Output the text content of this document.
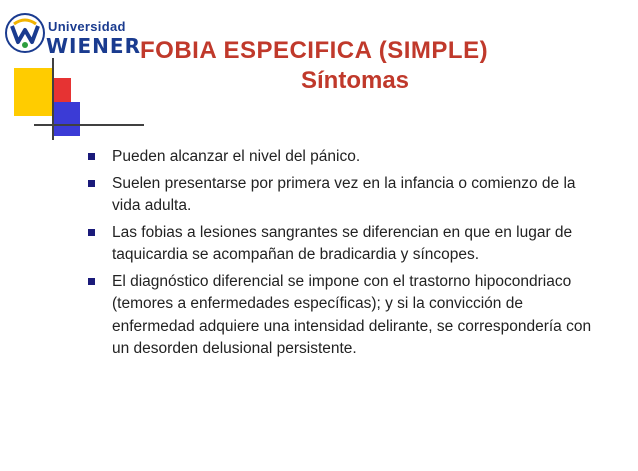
Universidad
WIENER FOBIA ESPECIFICA (SIMPLE)
Síntomas
Pueden alcanzar el nivel del pánico.
Suelen presentarse por primera vez en la infancia o comienzo de la vida adulta.
Las fobias a lesiones sangrantes se diferencian en que en lugar de taquicardia se acompañan de bradicardia y síncopes.
El diagnóstico diferencial se impone con el trastorno hipocondriaco (temores a enfermedades específicas); y si la convicción de enfermedad adquiere una intensidad delirante, se correspondería con un desorden delusional persistente.
